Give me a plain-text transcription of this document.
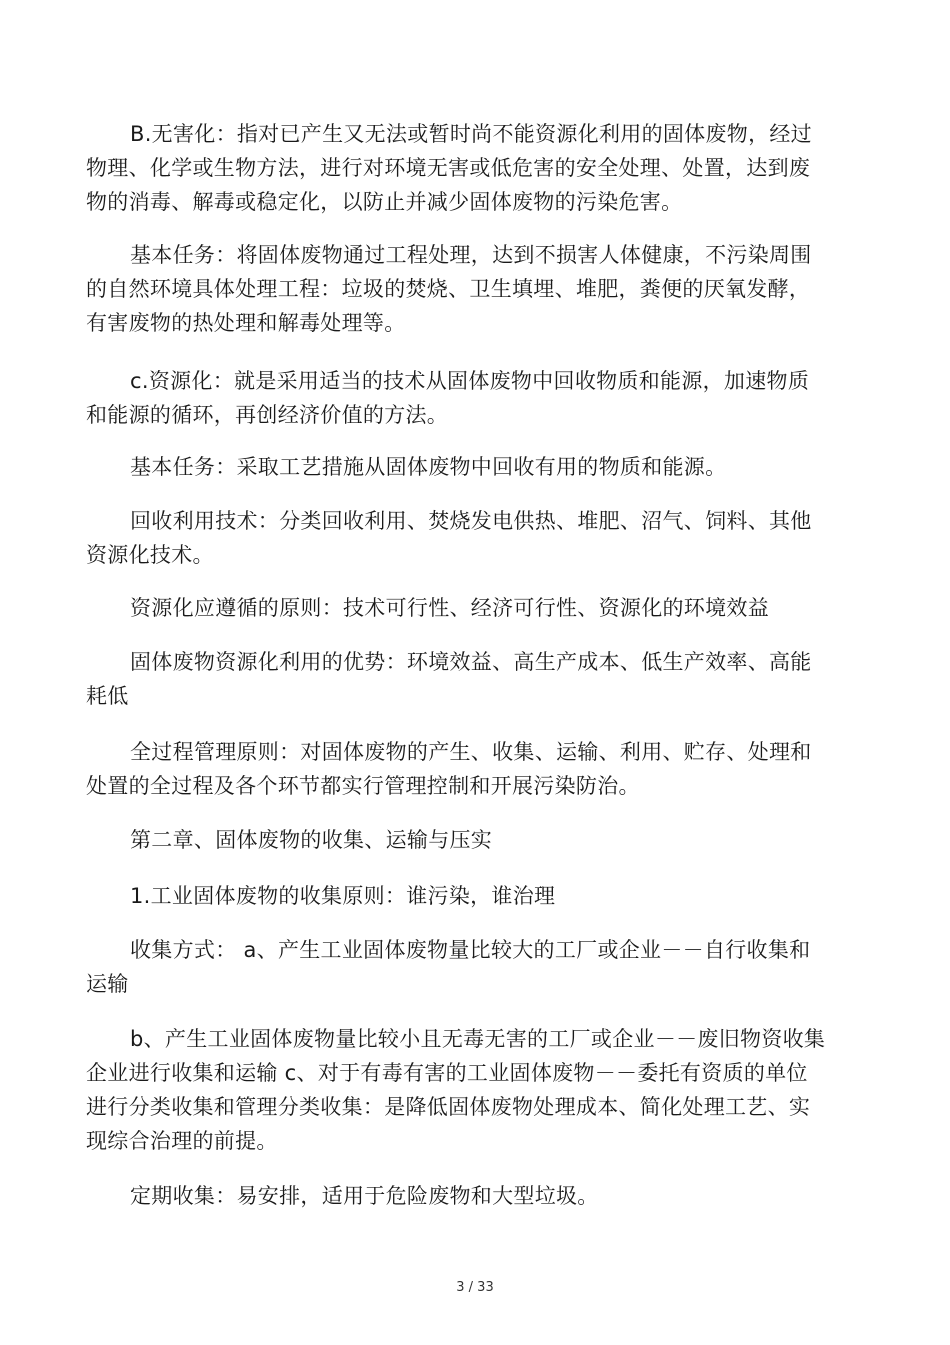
B.无害化：指对已产生又无法或暂时尚不能资源化利用的固体废物，经过物理、化学或生物方法，进行对环境无害或低危害的安全处理、处置，达到废物的消毒、解毒或稳定化，以防止并减少固体废物的污染危害。

基本任务：将固体废物通过工程处理，达到不损害人体健康，不污染周围的自然环境具体处理工程：垃圾的焚烧、卫生填埋、堆肥，粪便的厌氧发酵，有害废物的热处理和解毒处理等。

c.资源化：就是采用适当的技术从固体废物中回收物质和能源，加速物质和能源的循环，再创经济价值的方法。

基本任务：采取工艺措施从固体废物中回收有用的物质和能源。

回收利用技术：分类回收利用、焚烧发电供热、堆肥、沼气、饲料、其他资源化技术。

资源化应遵循的原则：技术可行性、经济可行性、资源化的环境效益

固体废物资源化利用的优势：环境效益、高生产成本、低生产效率、高能耗低

全过程管理原则：对固体废物的产生、收集、运输、利用、贮存、处理和处置的全过程及各个环节都实行管理控制和开展污染防治。

第二章、固体废物的收集、运输与压实

1.工业固体废物的收集原则：谁污染，谁治理

收集方式： a、产生工业固体废物量比较大的工厂或企业－－自行收集和运输

b、产生工业固体废物量比较小且无毒无害的工厂或企业－－废旧物资收集企业进行收集和运输 c、对于有毒有害的工业固体废物－－委托有资质的单位进行分类收集和管理分类收集：是降低固体废物处理成本、简化处理工艺、实现综合治理的前提。

定期收集：易安排，适用于危险废物和大型垃圾。

3 / 33
